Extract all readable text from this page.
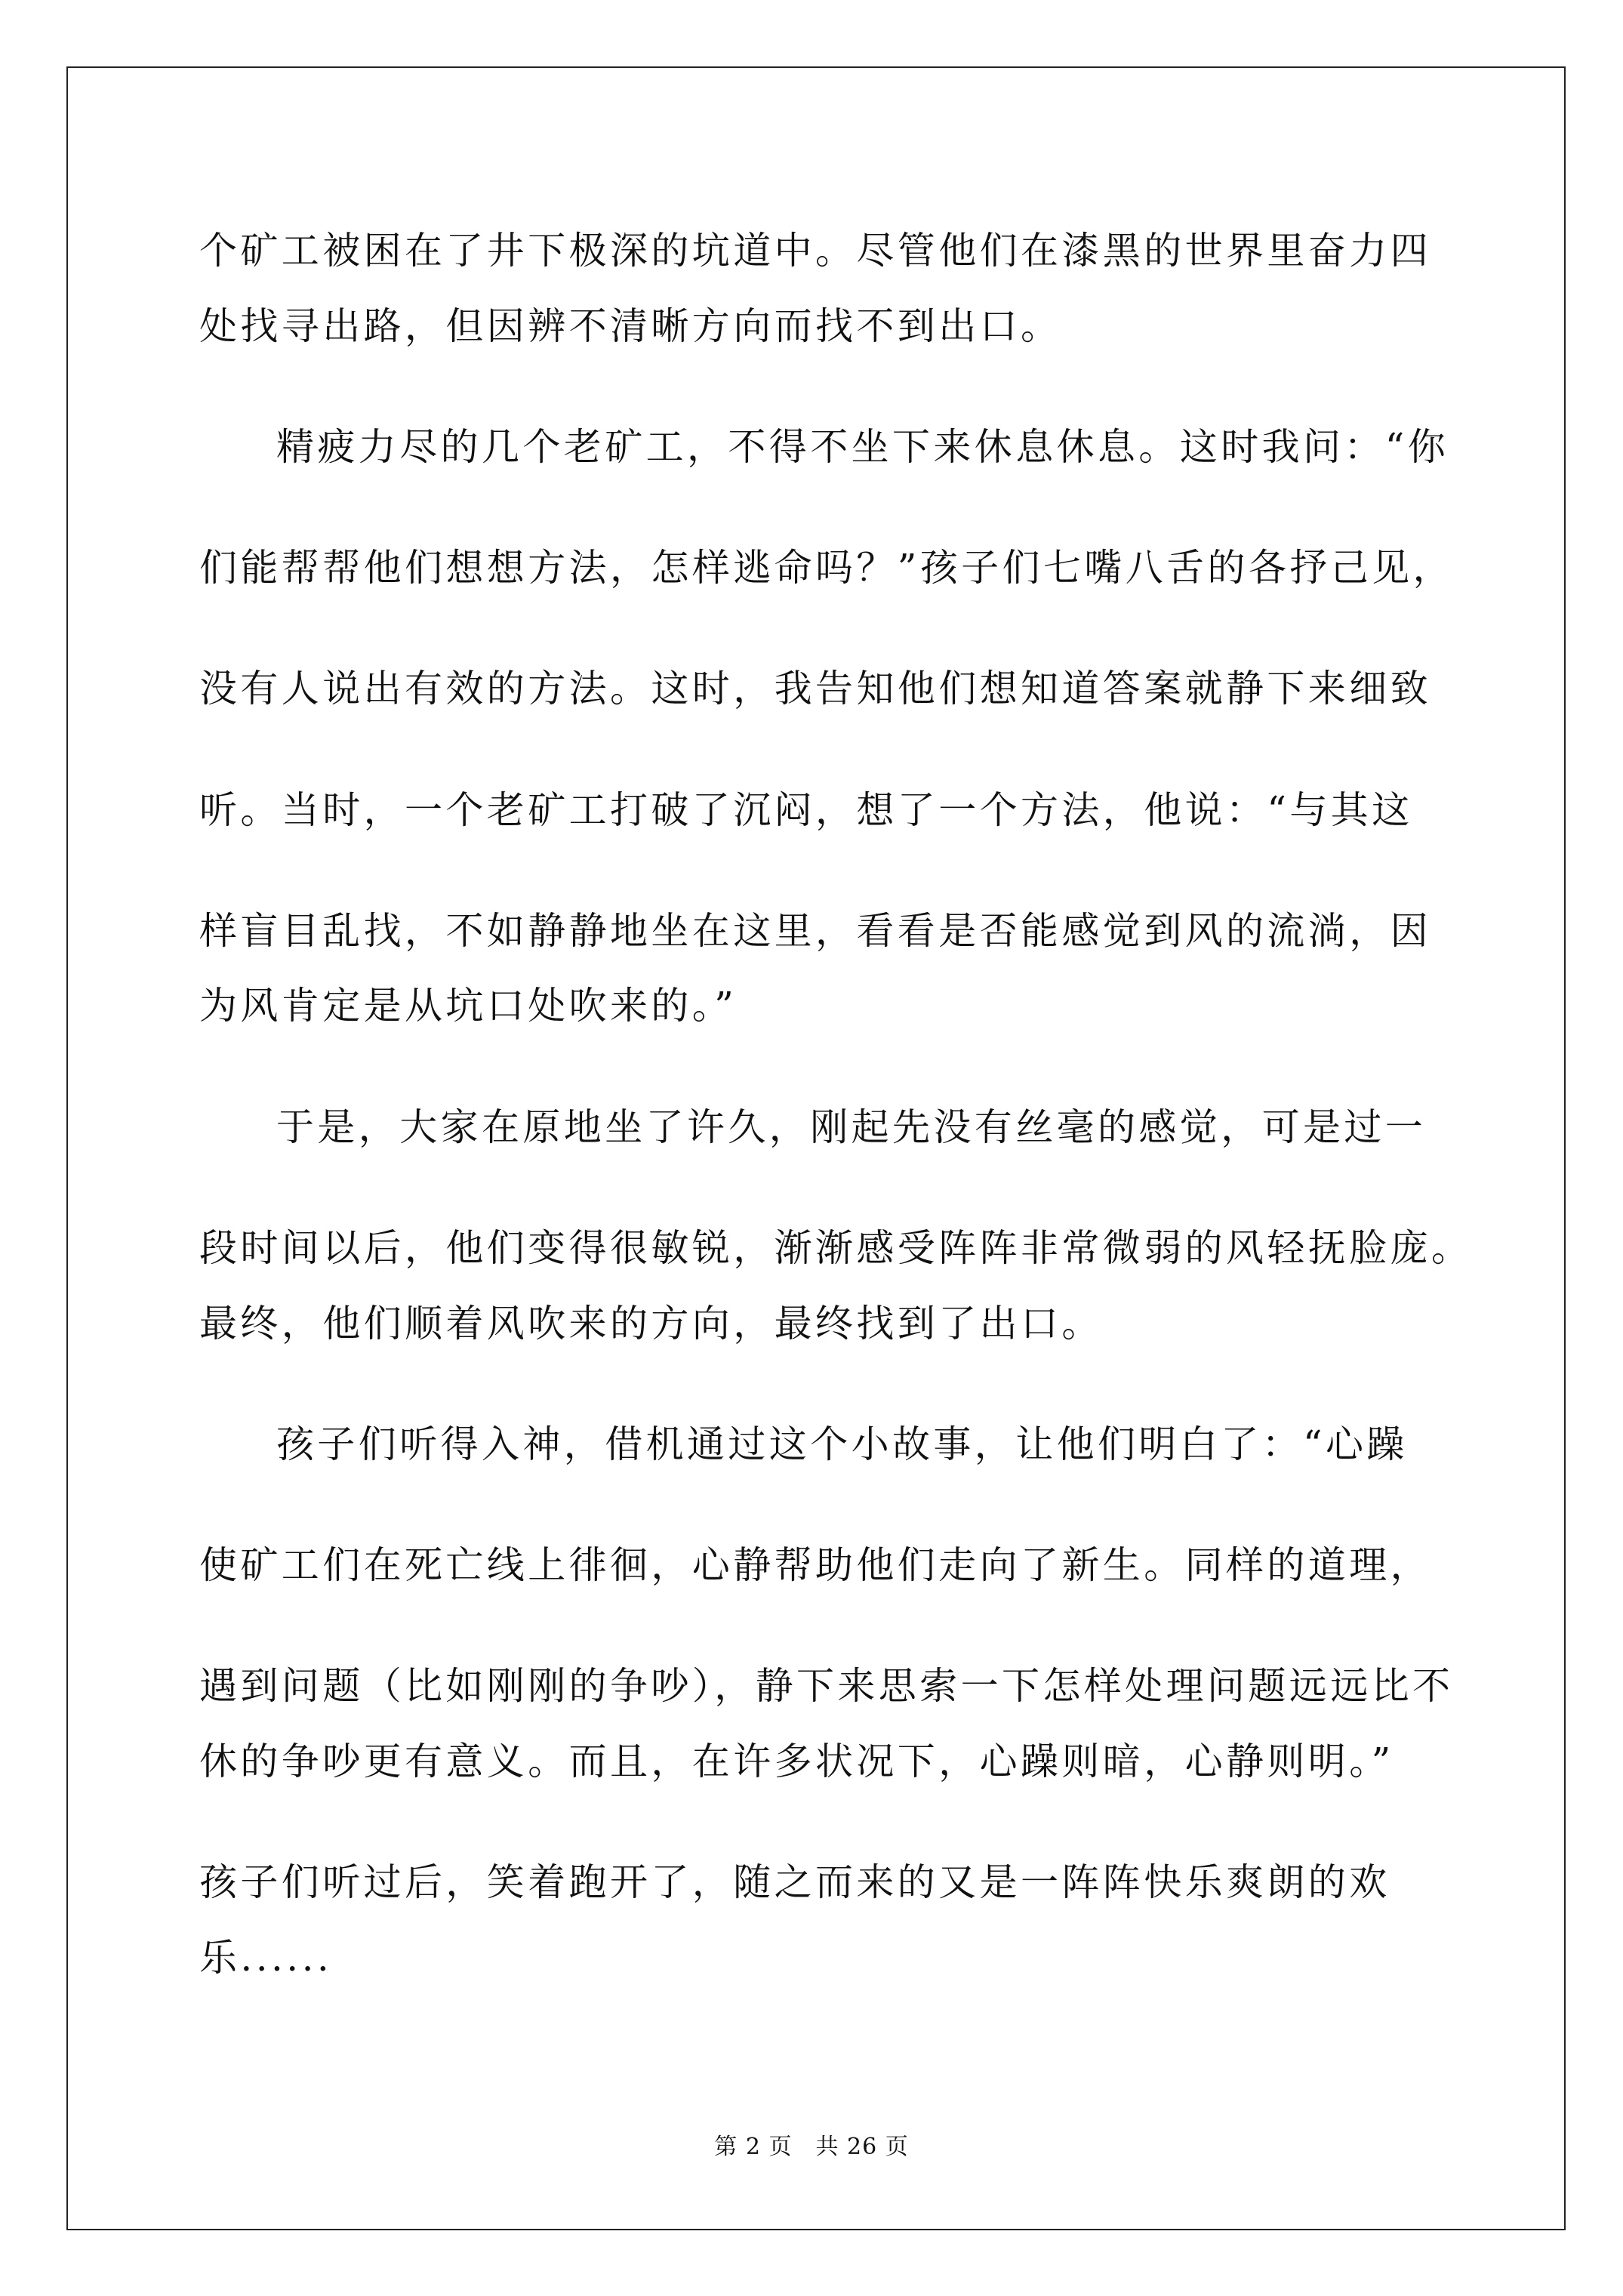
个矿工被困在了井下极深的坑道中。尽管他们在漆黑的世界里奋力四
处找寻出路，但因辨不清晰方向而找不到出口。
精疲力尽的几个老矿工，不得不坐下来休息休息。这时我问：“你
们能帮帮他们想想方法，怎样逃命吗？”孩子们七嘴八舌的各抒己见，
没有人说出有效的方法。这时，我告知他们想知道答案就静下来细致
听。当时，一个老矿工打破了沉闷，想了一个方法，他说：“与其这
样盲目乱找，不如静静地坐在这里，看看是否能感觉到风的流淌，因
为风肯定是从坑口处吹来的。”
于是，大家在原地坐了许久，刚起先没有丝毫的感觉，可是过一
段时间以后，他们变得很敏锐，渐渐感受阵阵非常微弱的风轻抚脸庞。
最终，他们顺着风吹来的方向，最终找到了出口。
孩子们听得入神，借机通过这个小故事，让他们明白了：“心躁
使矿工们在死亡线上徘徊，心静帮助他们走向了新生。同样的道理，
遇到问题（比如刚刚的争吵），静下来思索一下怎样处理问题远远比不
休的争吵更有意义。而且，在许多状况下，心躁则暗，心静则明。”
孩子们听过后，笑着跑开了，随之而来的又是一阵阵快乐爽朗的欢
乐......
第 2 页　共 26 页
